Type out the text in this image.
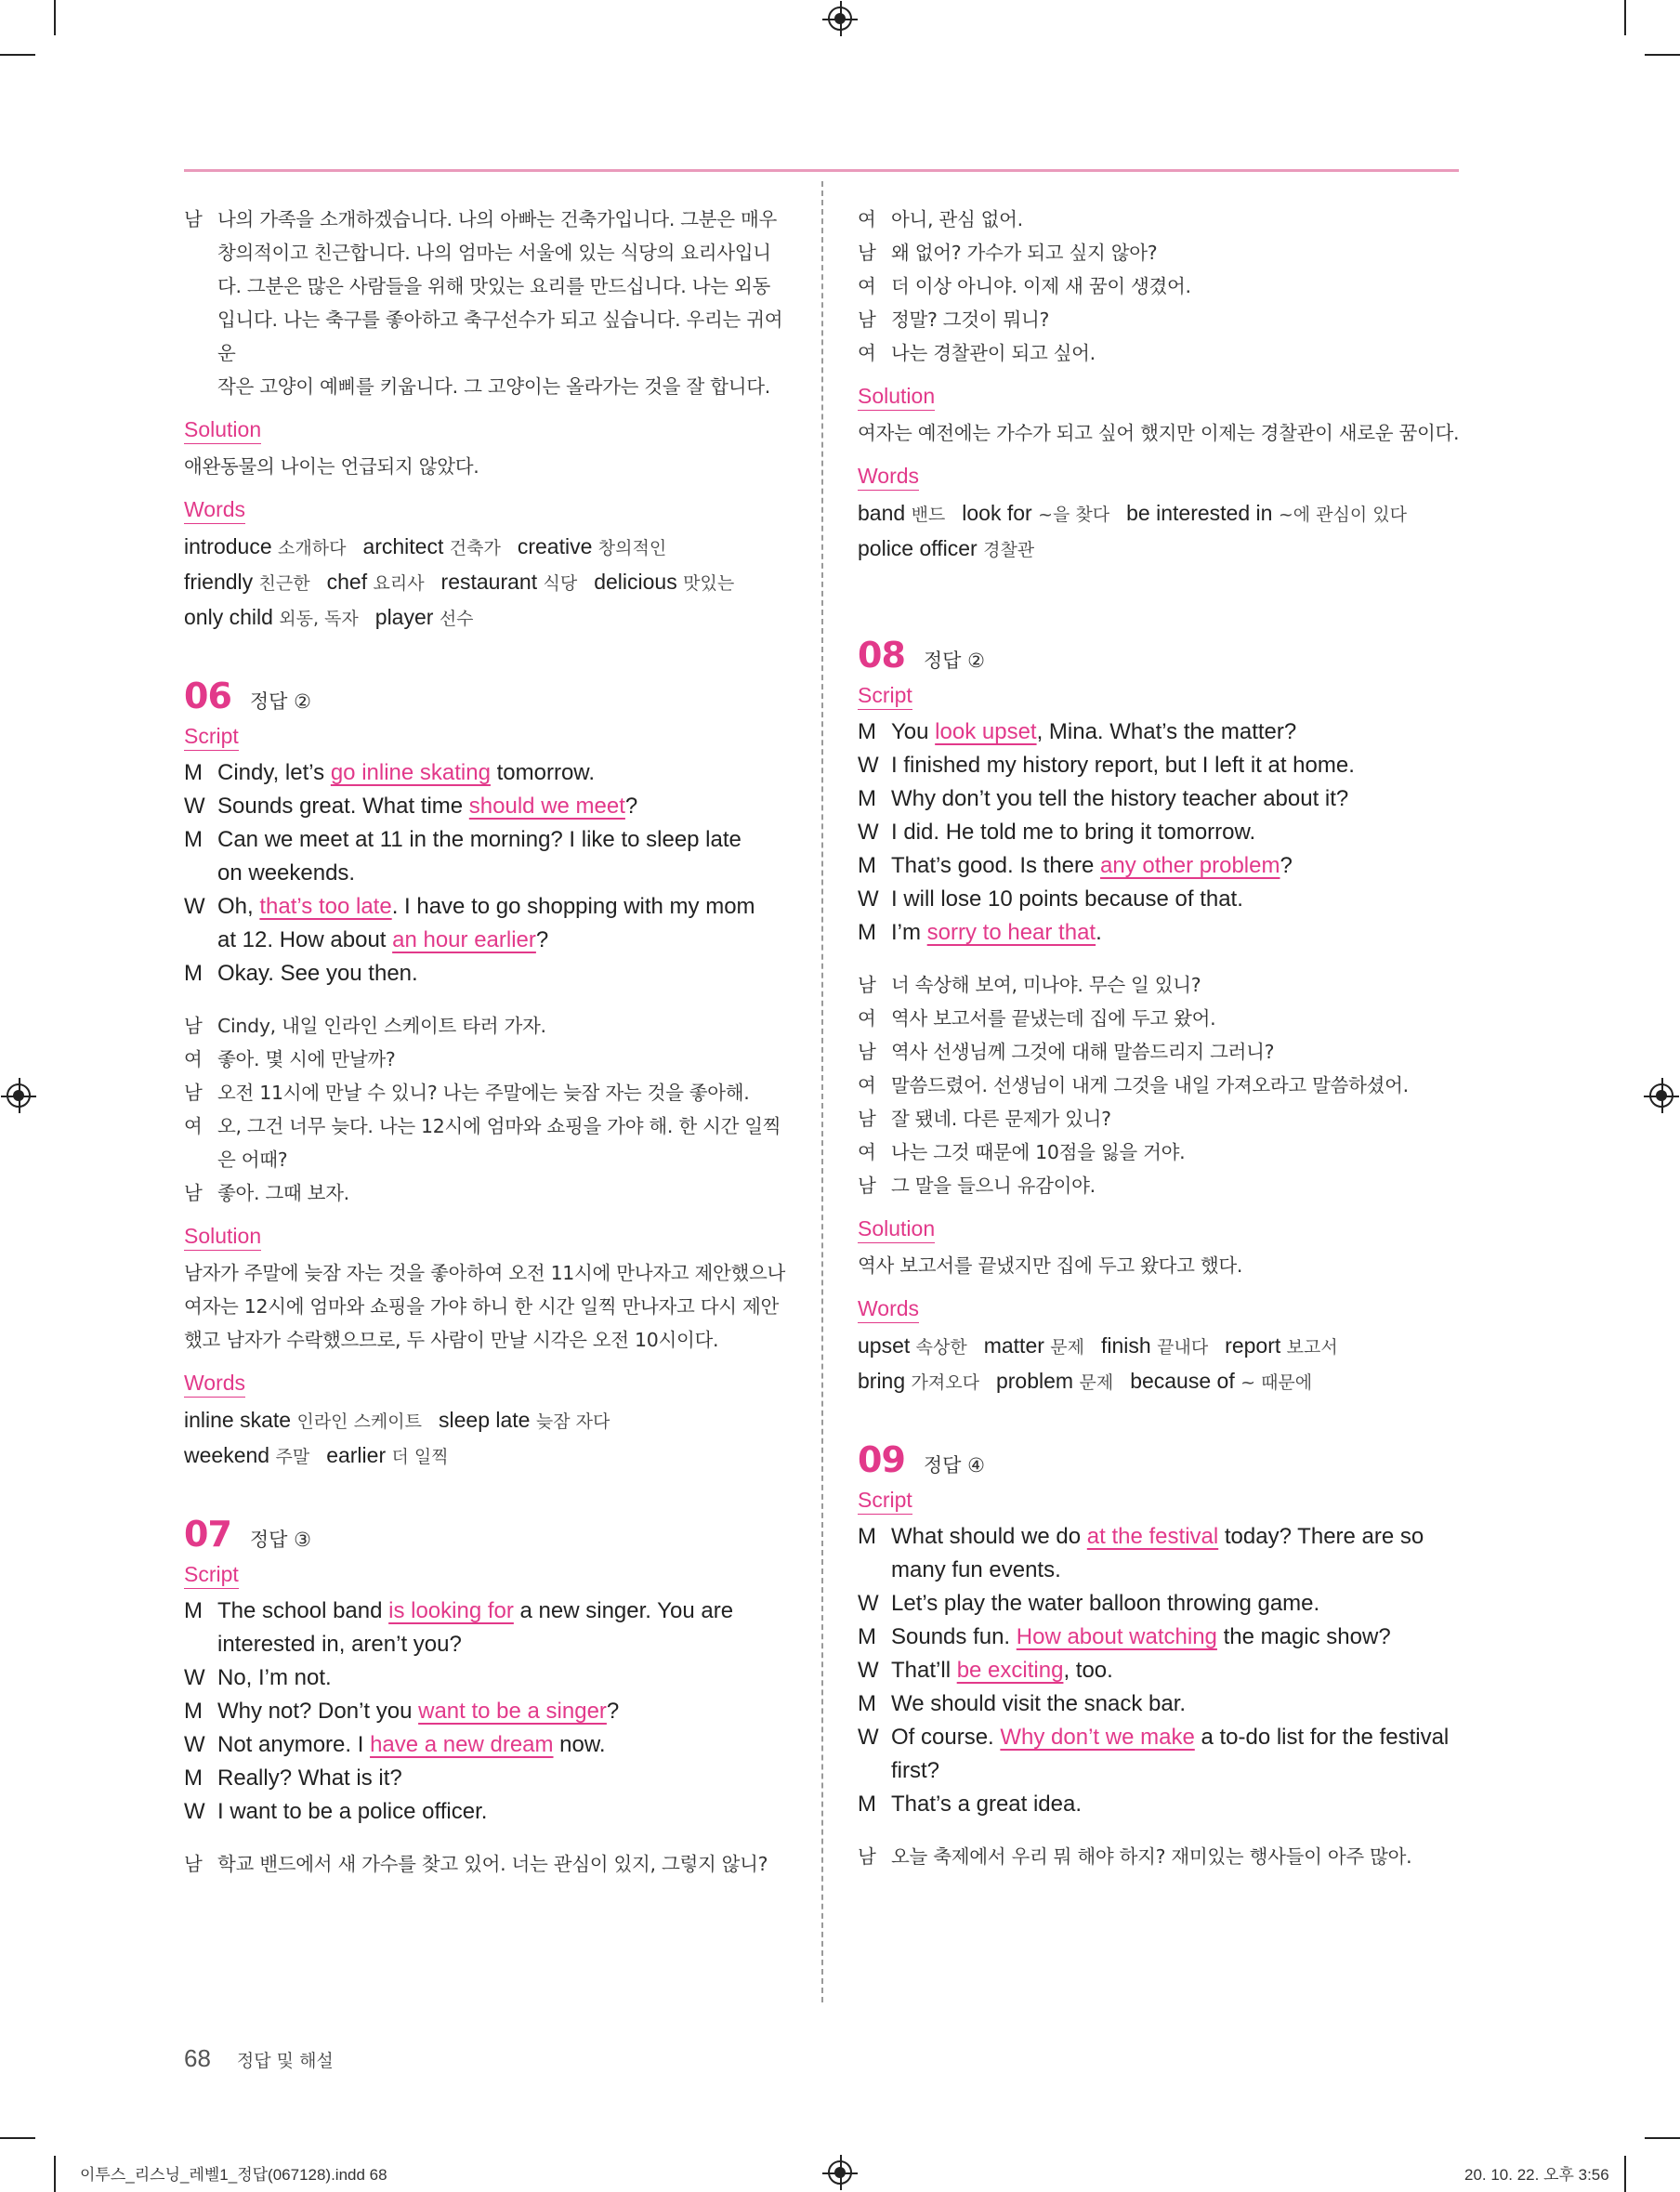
남 나의 가족을 소개하겠습니다. 나의 아빠는 건축가입니다. 그분은 매우
창의적이고 친근합니다. 나의 엄마는 서울에 있는 식당의 요리사입니
다. 그분은 많은 사람들을 위해 맛있는 요리를 만드십니다. 나는 외동
입니다. 나는 축구를 좋아하고 축구선수가 되고 싶습니다. 우리는 귀여운
작은 고양이 예삐를 키웁니다. 그 고양이는 올라가는 것을 잘 합니다.
Solution
애완동물의 나이는 언급되지 않았다.
Words
introduce 소개하다 architect 건축가 creative 창의적인
friendly 친근한 chef 요리사 restaurant 식당 delicious 맛있는
only child 외동, 독자 player 선수
06 정답 ②
Script
M Cindy, let’s go inline skating tomorrow.
W Sounds great. What time should we meet?
M Can we meet at 11 in the morning? I like to sleep late
on weekends.
W Oh, that’s too late. I have to go shopping with my mom
at 12. How about an hour earlier?
M Okay. See you then.
남 Cindy, 내일 인라인 스케이트 타러 가자.
여 좋아. 몇 시에 만날까?
남 오전 11시에 만날 수 있니? 나는 주말에는 늦잠 자는 것을 좋아해.
여 오, 그건 너무 늦다. 나는 12시에 엄마와 쇼핑을 가야 해. 한 시간 일찍
은 어때?
남 좋아. 그때 보자.
Solution
남자가 주말에 늦잠 자는 것을 좋아하여 오전 11시에 만나자고 제안했으나
여자는 12시에 엄마와 쇼핑을 가야 하니 한 시간 일찍 만나자고 다시 제안
했고 남자가 수락했으므로, 두 사람이 만날 시각은 오전 10시이다.
Words
inline skate 인라인 스케이트 sleep late 늦잠 자다
weekend 주말 earlier 더 일찍
07 정답 ③
Script
M The school band is looking for a new singer. You are
interested in, aren’t you?
W No, I’m not.
M Why not? Don’t you want to be a singer?
W Not anymore. I have a new dream now.
M Really? What is it?
W I want to be a police officer.
남 학교 밴드에서 새 가수를 찾고 있어. 너는 관심이 있지, 그렇지 않니?
여 아니, 관심 없어.
남 왜 없어? 가수가 되고 싶지 않아?
여 더 이상 아니야. 이제 새 꿈이 생겼어.
남 정말? 그것이 뭐니?
여 나는 경찰관이 되고 싶어.
Solution
여자는 예전에는 가수가 되고 싶어 했지만 이제는 경찰관이 새로운 꿈이다.
Words
band 밴드 look for ~을 찾다 be interested in ~에 관심이 있다
police officer 경찰관
08 정답 ②
Script
M You look upset, Mina. What’s the matter?
W I finished my history report, but I left it at home.
M Why don’t you tell the history teacher about it?
W I did. He told me to bring it tomorrow.
M That’s good. Is there any other problem?
W I will lose 10 points because of that.
M I’m sorry to hear that.
남 너 속상해 보여, 미나야. 무슨 일 있니?
여 역사 보고서를 끝냈는데 집에 두고 왔어.
남 역사 선생님께 그것에 대해 말씀드리지 그러니?
여 말씀드렸어. 선생님이 내게 그것을 내일 가져오라고 말씀하셨어.
남 잘 됐네. 다른 문제가 있니?
여 나는 그것 때문에 10점을 잃을 거야.
남 그 말을 들으니 유감이야.
Solution
역사 보고서를 끝냈지만 집에 두고 왔다고 했다.
Words
upset 속상한 matter 문제 finish 끝내다 report 보고서
bring 가져오다 problem 문제 because of ~ 때문에
09 정답 ④
Script
M What should we do at the festival today? There are so
many fun events.
W Let’s play the water balloon throwing game.
M Sounds fun. How about watching the magic show?
W That’ll be exciting, too.
M We should visit the snack bar.
W Of course. Why don’t we make a to-do list for the festival
first?
M That’s a great idea.
남 오늘 축제에서 우리 뭐 해야 하지? 재미있는 행사들이 아주 많아.
68 정답 및 해설
이투스_리스닝_레벨1_정답(067128).indd 68	20. 10. 22. 오후 3:56
